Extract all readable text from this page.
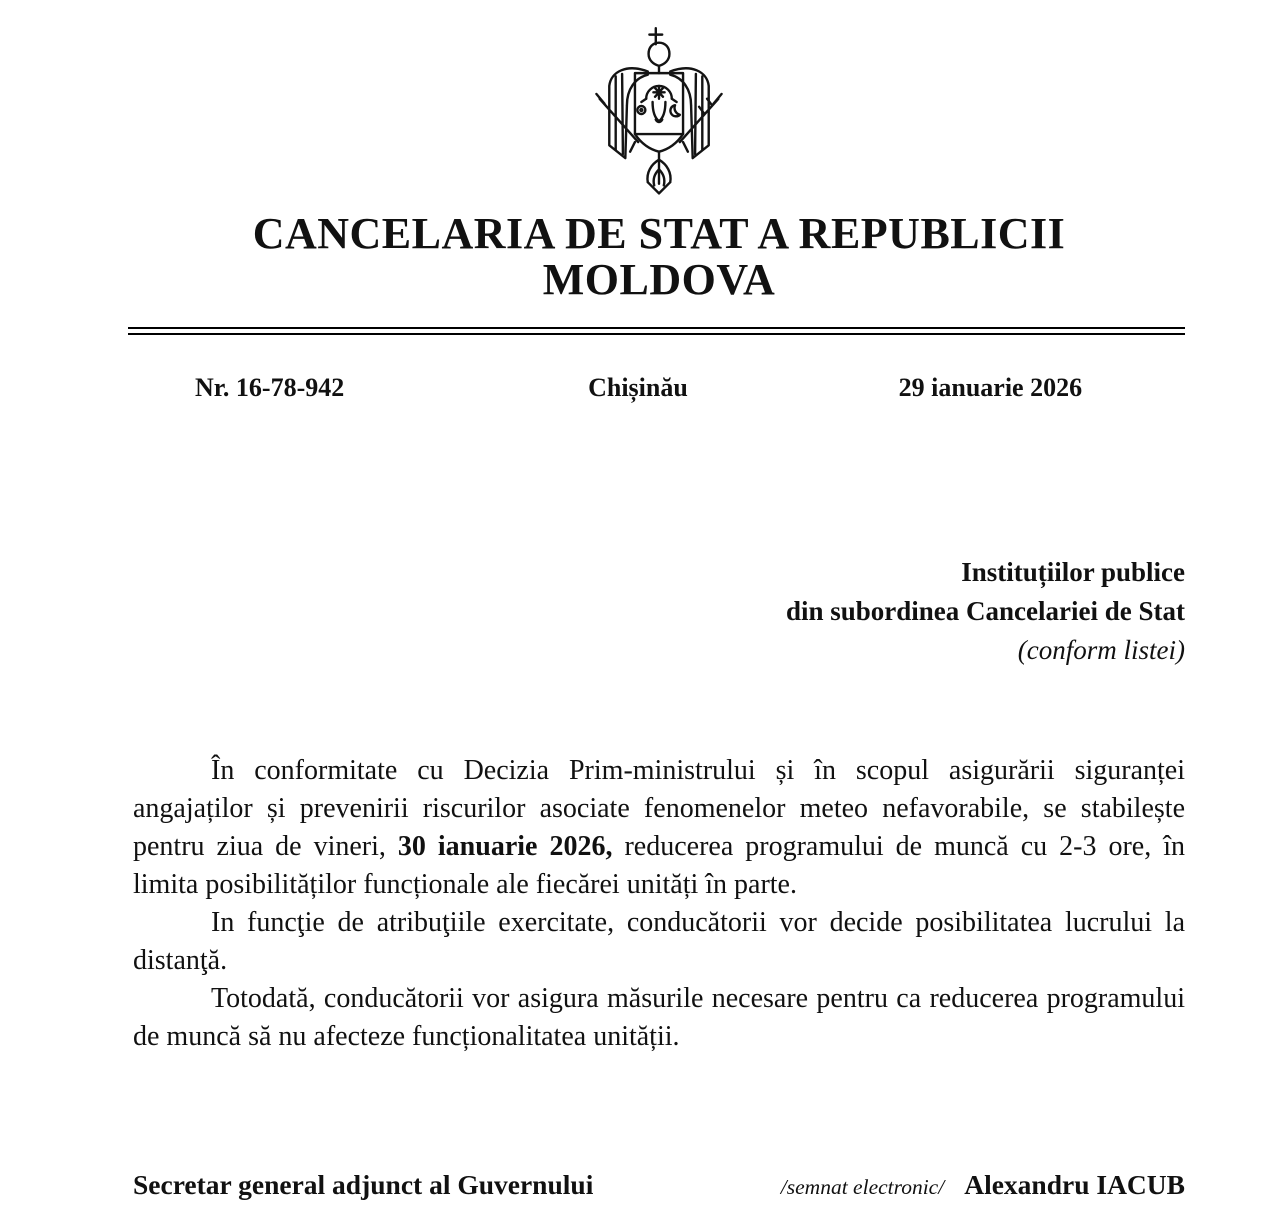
CANCELARIA DE STAT A REPUBLICII  MOLDOVA
Nr. 16-78-942	Chișinău	29 ianuarie 2026
Instituțiilor publice
din subordinea Cancelariei de Stat
(conform listei)

În conformitate cu Decizia Prim-ministrului și în scopul asigurării siguranței angajaților și prevenirii riscurilor asociate fenomenelor meteo nefavorabile, se stabilește pentru ziua de vineri, 30 ianuarie 2026, reducerea programului de muncă cu 2-3 ore, în limita posibilităților funcționale ale fiecărei unități în parte.

In funcţie de atribuţiile exercitate, conducătorii vor decide posibilitatea lucrului la distanţă.

Totodată, conducătorii vor asigura măsurile necesare pentru ca reducerea programului de muncă să nu afecteze funcționalitatea unității.

Secretar general adjunct al Guvernului	/semnat electronic/ Alexandru IACUB
